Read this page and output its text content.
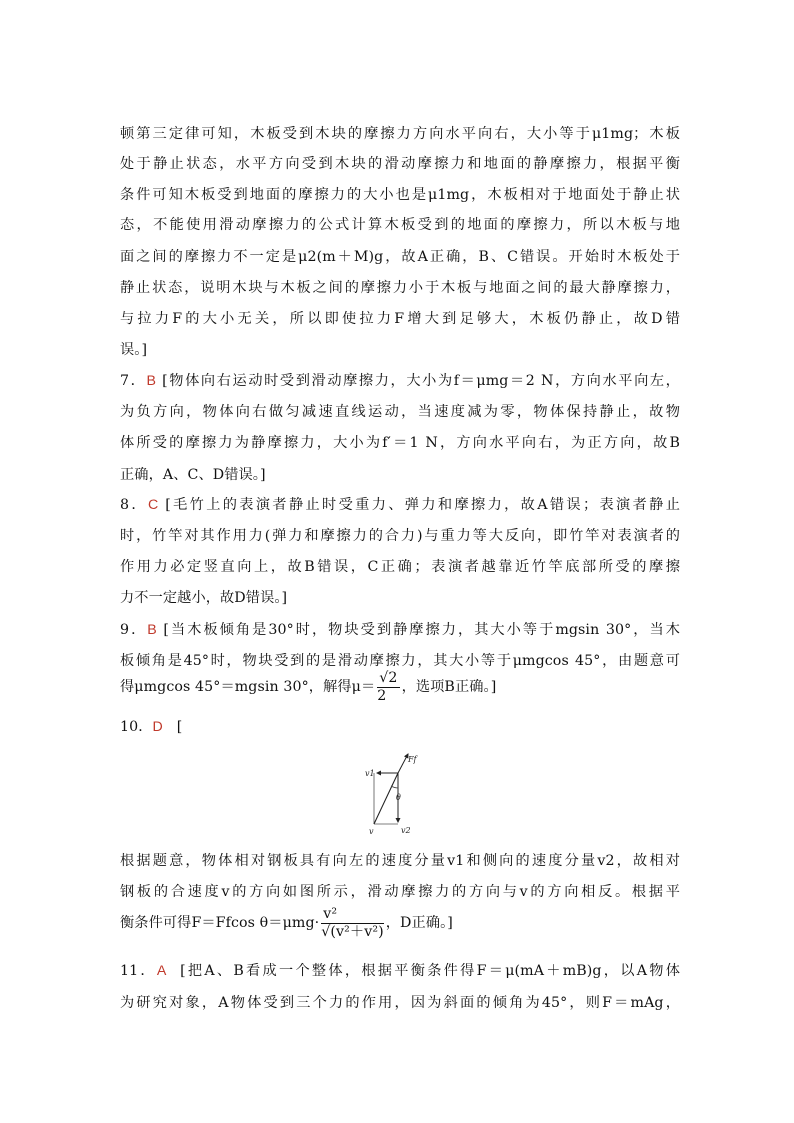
顿第三定律可知，木板受到木块的摩擦力方向水平向右，大小等于μ1mg；木板
处于静止状态，水平方向受到木块的滑动摩擦力和地面的静摩擦力，根据平衡
条件可知木板受到地面的摩擦力的大小也是μ1mg，木板相对于地面处于静止状
态，不能使用滑动摩擦力的公式计算木板受到的地面的摩擦力，所以木板与地
面之间的摩擦力不一定是μ2(m＋M)g，故A正确，B、C错误。开始时木板处于
静止状态，说明木块与木板之间的摩擦力小于木板与地面之间的最大静摩擦力，
与拉力F的大小无关，所以即使拉力F增大到足够大，木板仍静止，故D错
误。]
7．B [物体向右运动时受到滑动摩擦力，大小为f＝μmg＝2 N，方向水平向左，
为负方向，物体向右做匀减速直线运动，当速度减为零，物体保持静止，故物
体所受的摩擦力为静摩擦力，大小为f′＝1 N，方向水平向右，为正方向，故B
正确，A、C、D错误。]
8．C [毛竹上的表演者静止时受重力、弹力和摩擦力，故A错误；表演者静止
时，竹竿对其作用力(弹力和摩擦力的合力)与重力等大反向，即竹竿对表演者的
作用力必定竖直向上，故B错误，C正确；表演者越靠近竹竿底部所受的摩擦
力不一定越小，故D错误。]
9．B [当木板倾角是30°时，物块受到静摩擦力，其大小等于mgsin 30°，当木
板倾角是45°时，物块受到的是滑动摩擦力，其大小等于μmgcos 45°，由题意可
得μmgcos 45°＝mgsin 30°，解得$\mu= \frac{√2}{2}$ ，选项B正确。]
10．D [
v1
Ff
θ
v	v2
根据题意，物体相对钢板具有向左的速度分量v1和侧向的速度分量v2，故相对
钢板的合速度v的方向如图所示，滑动摩擦力的方向与v的方向相反。根据平
衡条件可得F＝Ffcos $\theta=\mu mg\cdot \frac{\text{v²}}{\text{√(v²＋v²)}}$ ，D正确。]
11．A [把A、B看成一个整体，根据平衡条件得F＝μ(mA＋mB)g，以A物体
为研究对象，A物体受到三个力的作用，因为斜面的倾角为45°，则F＝mAg，
